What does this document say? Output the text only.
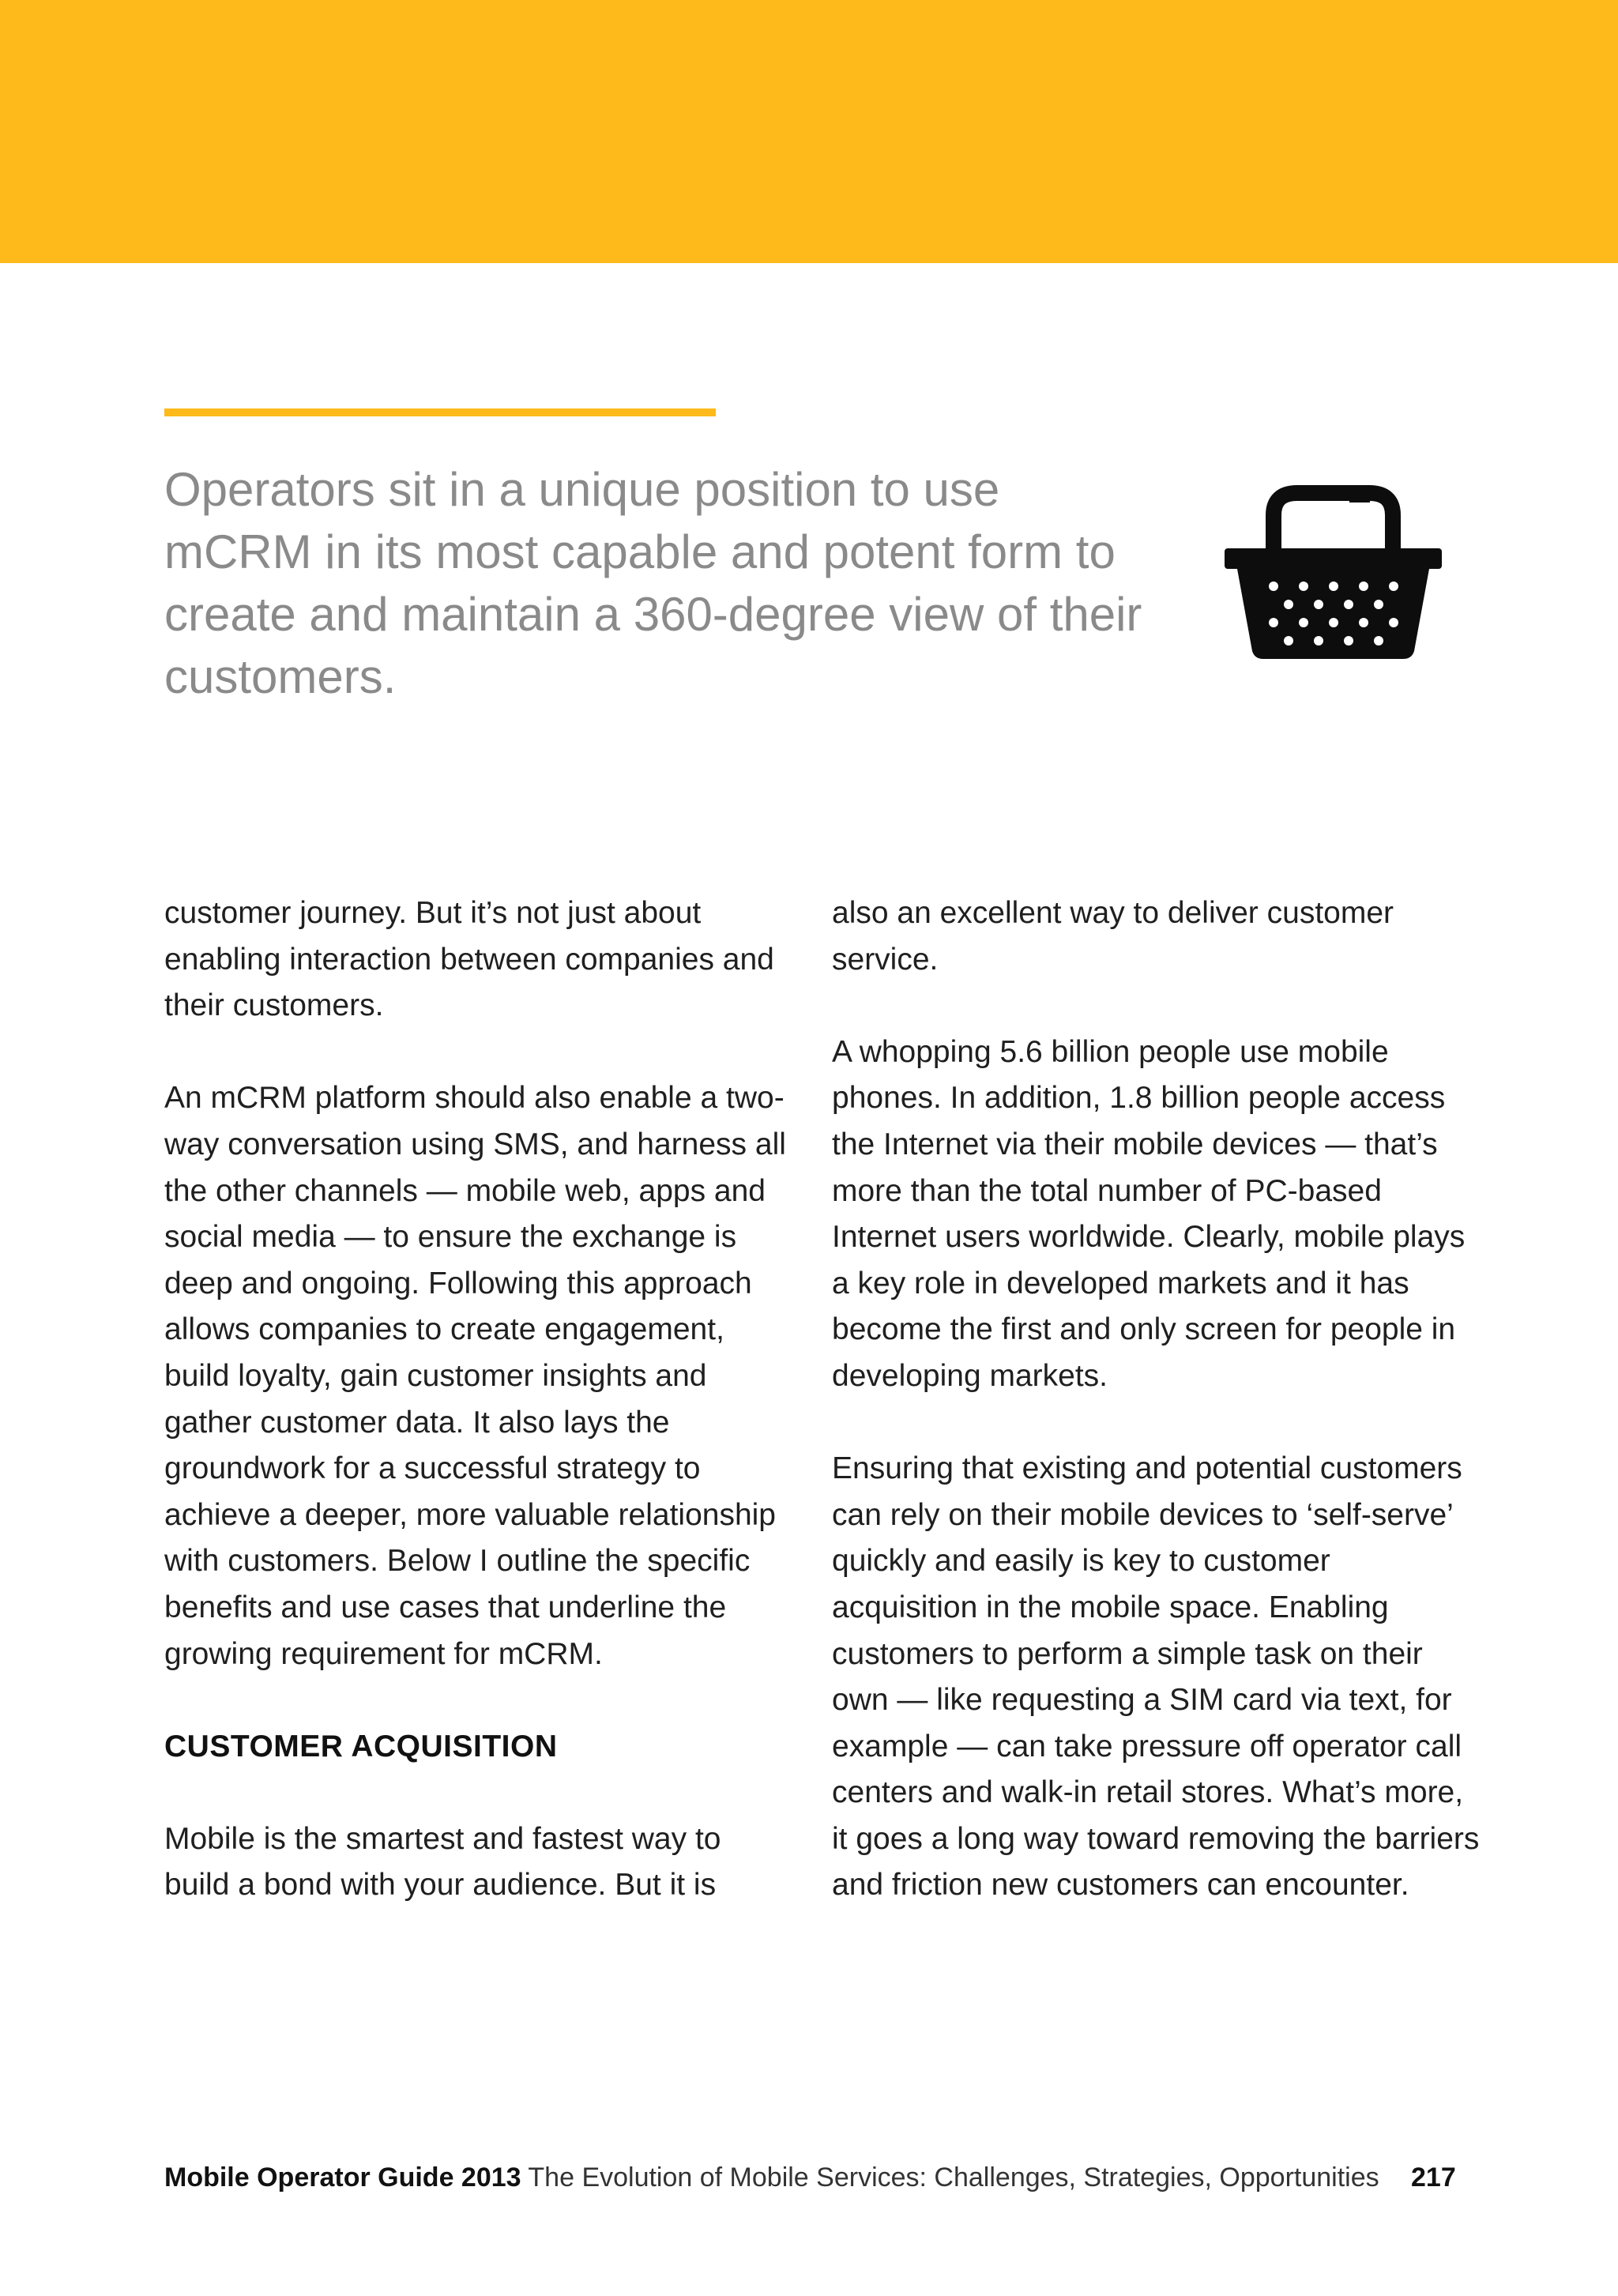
Operators sit in a unique position to use mCRM in its most capable and potent form to create and maintain a 360-degree view of their customers.

customer journey. But it’s not just about enabling interaction between companies and their customers.

An mCRM platform should also enable a two-way conversation using SMS, and harness all the other channels — mobile web, apps and social media — to ensure the exchange is deep and ongoing. Following this approach allows companies to create engagement, build loyalty, gain customer insights and gather customer data. It also lays the groundwork for a successful strategy to achieve a deeper, more valuable relationship with customers. Below I outline the specific benefits and use cases that underline the growing requirement for mCRM.

CUSTOMER ACQUISITION

Mobile is the smartest and fastest way to build a bond with your audience. But it is

also an excellent way to deliver customer service.

A whopping 5.6 billion people use mobile phones. In addition, 1.8 billion people access the Internet via their mobile devices — that’s more than the total number of PC-based Internet users worldwide. Clearly, mobile plays a key role in developed markets and it has become the first and only screen for people in developing markets.

Ensuring that existing and potential customers can rely on their mobile devices to ‘self-serve’ quickly and easily is key to customer acquisition in the mobile space. Enabling customers to perform a simple task on their own — like requesting a SIM card via text, for example — can take pressure off operator call centers and walk-in retail stores. What’s more, it goes a long way toward removing the barriers and friction new customers can encounter.

Mobile Operator Guide 2013 The Evolution of Mobile Services: Challenges, Strategies, Opportunities	217
